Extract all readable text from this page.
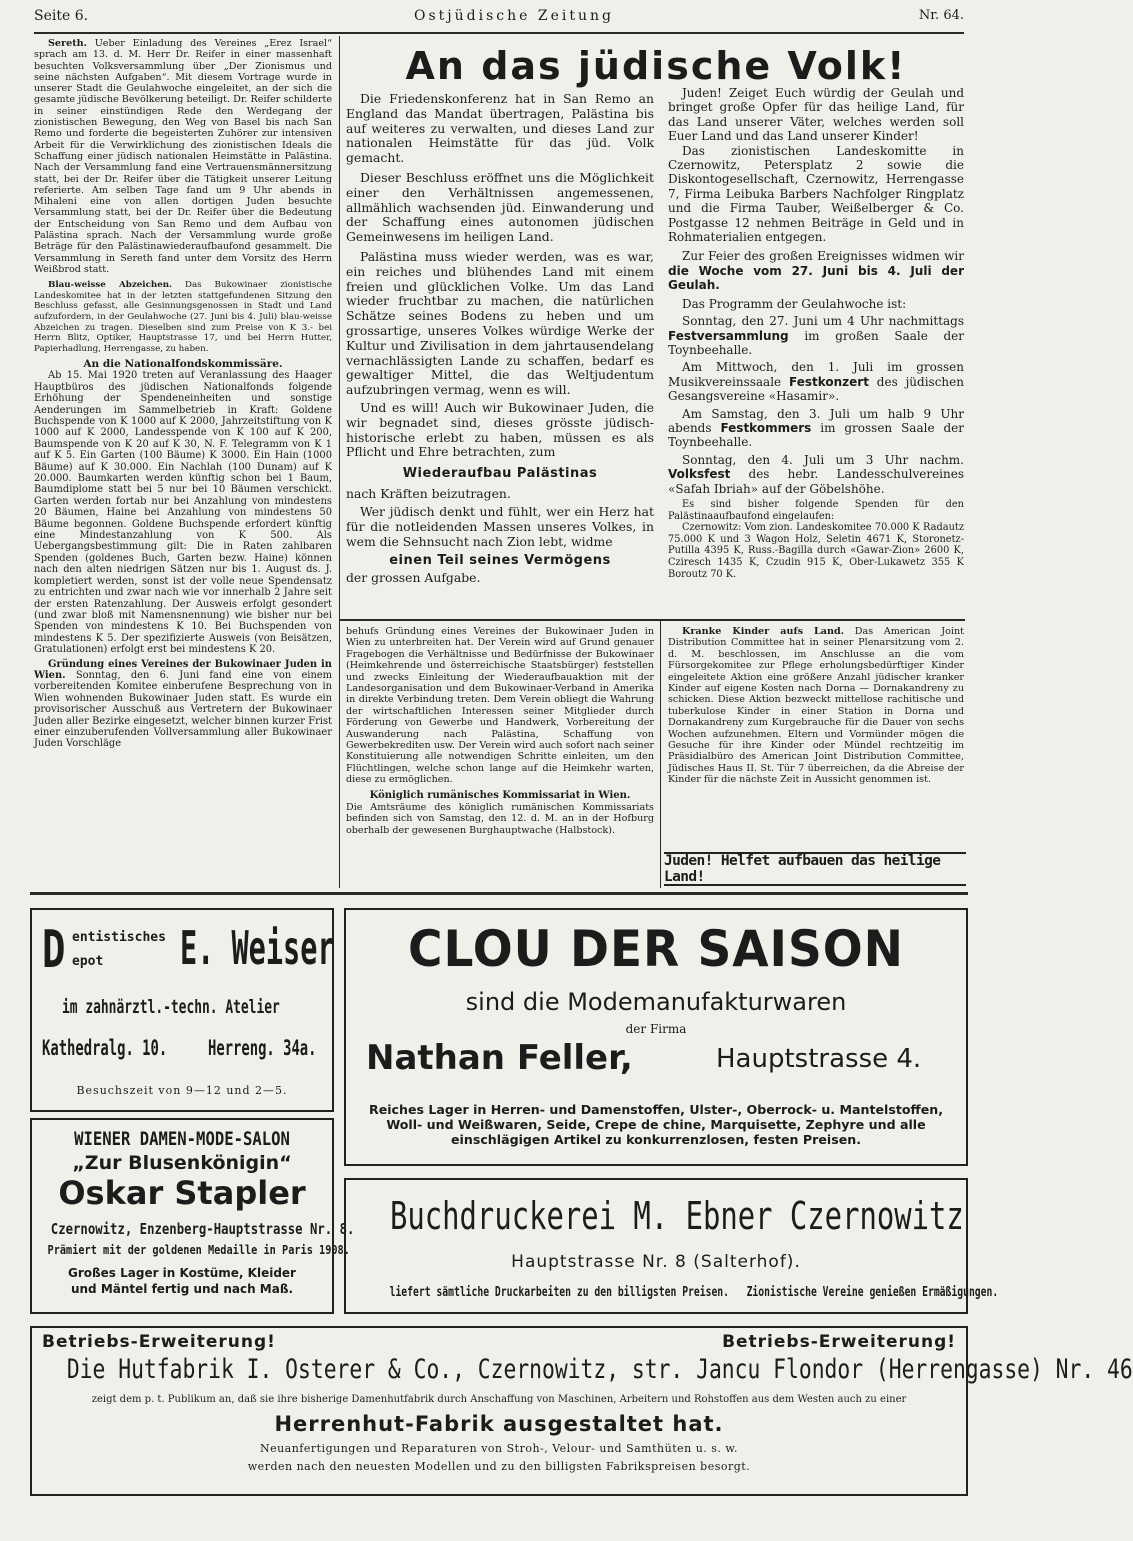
Seite 6.	Ostjüdische Zeitung	Nr. 64.

Sereth. Ueber Einladung des Vereines „Erez Israel“ sprach am 13. d. M. Herr Dr. Reifer in einer massenhaft besuchten Volksversammlung über „Der Zionismus und seine nächsten Aufgaben“. Mit diesem Vortrage wurde in unserer Stadt die Geulahwoche eingeleitet, an der sich die gesamte jüdische Bevölkerung beteiligt. Dr. Reifer schilderte in seiner einstündigen Rede den Werdegang der zionistischen Bewegung, den Weg von Basel bis nach San Remo und forderte die begeisterten Zuhörer zur intensiven Arbeit für die Verwirklichung des zionistischen Ideals die Schaffung einer jüdisch nationalen Heimstätte in Palästina. Nach der Versammlung fand eine Vertrauensmännersitzung statt, bei der Dr. Reifer über die Tätigkeit unserer Leitung referierte. Am selben Tage fand um 9 Uhr abends in Mihaleni eine von allen dortigen Juden besuchte Versammlung statt, bei der Dr. Reifer über die Bedeutung der Entscheidung von San Remo und dem Aufbau von Palästina sprach. Nach der Versammlung wurde große Beträge für den Palästinawiederaufbaufond gesammelt. Die Versammlung in Sereth fand unter dem Vorsitz des Herrn Weißbrod statt.

Blau-weisse Abzeichen. Das Bukowinaer zionistische Landeskomitee hat in der letzten stattgefundenen Sitzung den Beschluss gefasst, alle Gesinnungsgenossen in Stadt und Land aufzufordern, in der Geulahwoche (27. Juni bis 4. Juli) blau-weisse Abzeichen zu tragen. Dieselben sind zum Preise von K 3.- bei Herrn Blitz, Optiker, Hauptstrasse 17, und bei Herrn Hutter, Papierhadlung, Herrengasse, zu haben.

An die Nationalfondskommissäre.

Ab 15. Mai 1920 treten auf Veranlassung des Haager Hauptbüros des jüdischen Nationalfonds folgende Erhöhung der Spendeneinheiten und sonstige Aenderungen im Sammelbetrieb in Kraft: Goldene Buchspende von K 1000 auf K 2000, Jahrzeitstiftung von K 1000 auf K 2000, Landesspende von K 100 auf K 200, Baumspende von K 20 auf K 30, N. F. Telegramm von K 1 auf K 5. Ein Garten (100 Bäume) K 3000. Ein Hain (1000 Bäume) auf K 30.000. Ein Nachlah (100 Dunam) auf K 20.000. Baumkarten werden künftig schon bei 1 Baum, Baumdiplome statt bei 5 nur bei 10 Bäumen verschickt. Garten werden fortab nur bei Anzahlung von mindestens 20 Bäumen, Haine bei Anzahlung von mindestens 50 Bäume begonnen. Goldene Buchspende erfordert künftig eine Mindestanzahlung von K 500. Als Uebergangsbestimmung gilt: Die in Raten zahlbaren Spenden (goldenes Buch, Garten bezw. Haine) können nach den alten niedrigen Sätzen nur bis 1. August ds. J. kompletiert werden, sonst ist der volle neue Spendensatz zu entrichten und zwar nach wie vor innerhalb 2 Jahre seit der ersten Ratenzahlung. Der Ausweis erfolgt gesondert (und zwar bloß mit Namensnennung) wie bisher nur bei Spenden von mindestens K 10. Bei Buchspenden von mindestens K 5. Der spezifizierte Ausweis (von Beisätzen, Gratulationen) erfolgt erst bei mindestens K 20.

Gründung eines Vereines der Bukowinaer Juden in Wien. Sonntag, den 6. Juni fand eine von einem vorbereitenden Komitee einberufene Besprechung von in Wien wohnenden Bukowinaer Juden statt. Es wurde ein provisorischer Ausschuß aus Vertretern der Bukowinaer Juden aller Bezirke eingesetzt, welcher binnen kurzer Frist einer einzuberufenden Vollversammlung aller Bukowinaer Juden Vorschläge

An das jüdische Volk!

Die Friedenskonferenz hat in San Remo an England das Mandat übertragen, Palästina bis auf weiteres zu verwalten, und dieses Land zur nationalen Heimstätte für das jüd. Volk gemacht.

Dieser Beschluss eröffnet uns die Möglichkeit einer den Verhältnissen angemessenen, allmählich wachsenden jüd. Einwanderung und der Schaffung eines autonomen jüdischen Gemeinwesens im heiligen Land.

Palästina muss wieder werden, was es war, ein reiches und blühendes Land mit einem freien und glücklichen Volke. Um das Land wieder fruchtbar zu machen, die natürlichen Schätze seines Bodens zu heben und um grossartige, unseres Volkes würdige Werke der Kultur und Zivilisation in dem jahrtausendelang vernachlässigten Lande zu schaffen, bedarf es gewaltiger Mittel, die das Weltjudentum aufzubringen vermag, wenn es will.

Und es will! Auch wir Bukowinaer Juden, die wir begnadet sind, dieses grösste jüdisch-historische erlebt zu haben, müssen es als Pflicht und Ehre betrachten, zum

Wiederaufbau Palästinas

nach Kräften beizutragen.

Wer jüdisch denkt und fühlt, wer ein Herz hat für die notleidenden Massen unseres Volkes, in wem die Sehnsucht nach Zion lebt, widme

einen Teil seines Vermögens

der grossen Aufgabe.

Juden! Zeiget Euch würdig der Geulah und bringet große Opfer für das heilige Land, für das Land unserer Väter, welches werden soll Euer Land und das Land unserer Kinder!

Das zionistischen Landeskomitte in Czernowitz, Petersplatz 2 sowie die Diskontogesellschaft, Czernowitz, Herrengasse 7, Firma Leibuka Barbers Nachfolger Ringplatz und die Firma Tauber, Weißelberger & Co. Postgasse 12 nehmen Beiträge in Geld und in Rohmaterialien entgegen.

Zur Feier des großen Ereignisses widmen wir die Woche vom 27. Juni bis 4. Juli der Geulah.

Das Programm der Geulahwoche ist:

Sonntag, den 27. Juni um 4 Uhr nachmittags Festversammlung im großen Saale der Toynbeehalle.

Am Mittwoch, den 1. Juli im grossen Musikvereinssaale Festkonzert des jüdischen Gesangsvereine «Hasamir».

Am Samstag, den 3. Juli um halb 9 Uhr abends Festkommers im grossen Saale der Toynbeehalle.

Sonntag, den 4. Juli um 3 Uhr nachm. Volksfest des hebr. Landesschulvereines «Safah Ibriah» auf der Göbelshöhe.

Es sind bisher folgende Spenden für den Palästinaaufbaufond eingelaufen:

Czernowitz: Vom zion. Landeskomitee 70.000 K Radautz 75.000 K und 3 Wagon Holz, Seletin 4671 K, Storonetz-Putilla 4395 K, Russ.-Bagilla durch «Gawar-Zion» 2600 K, Cziresch 1435 K, Czudin 915 K, Ober-Lukawetz 355 K Boroutz 70 K.

behufs Gründung eines Vereines der Bukowinaer Juden in Wien zu unterbreiten hat. Der Verein wird auf Grund genauer Fragebogen die Verhältnisse und Bedürfnisse der Bukowinaer (Heimkehrende und österreichische Staatsbürger) feststellen und zwecks Einleitung der Wiederaufbauaktion mit der Landesorganisation und dem Bukowinaer-Verband in Amerika in direkte Verbindung treten. Dem Verein obliegt die Wahrung der wirtschaftlichen Interessen seiner Mitglieder durch Förderung von Gewerbe und Handwerk, Vorbereitung der Auswanderung nach Palästina, Schaffung von Gewerbekrediten usw. Der Verein wird auch sofort nach seiner Konstituierung alle notwendigen Schritte einleiten, um den Flüchtlingen, welche schon lange auf die Heimkehr warten, diese zu ermöglichen.

Königlich rumänisches Kommissariat in Wien.

Die Amtsräume des königlich rumänischen Kommissariats befinden sich von Samstag, den 12. d. M. an in der Hofburg oberhalb der gewesenen Burghauptwache (Halbstock).

Kranke Kinder aufs Land. Das American Joint Distribution Committee hat in seiner Plenarsitzung vom 2. d. M. beschlossen, im Anschlusse an die vom Fürsorgekomitee zur Pflege erholungsbedürftiger Kinder eingeleitete Aktion eine größere Anzahl jüdischer kranker Kinder auf eigene Kosten nach Dorna — Dornakandreny zu schicken. Diese Aktion bezweckt mittellose rachitische und tuberkulose Kinder in einer Station in Dorna und Dornakandreny zum Kurgebrauche für die Dauer von sechs Wochen aufzunehmen. Eltern und Vormünder mögen die Gesuche für ihre Kinder oder Mündel rechtzeitig im Präsidialbüro des American Joint Distribution Committee, Jüdisches Haus II. St. Tür 7 überreichen, da die Abreise der Kinder für die nächste Zeit in Aussicht genommen ist.

Juden! Helfet aufbauen das heilige Land!
D entistisches
epot E. Weiser
im zahnärztl.-techn. Atelier
Kathedralg. 10. Herreng. 34a.
Besuchszeit von 9—12 und 2—5.
WIENER DAMEN-MODE-SALON
„Zur Blusenkönigin“
Oskar Stapler
Czernowitz, Enzenberg-Hauptstrasse Nr. 8.
Prämiert mit der goldenen Medaille in Paris 1908.
Großes Lager in Kostüme, Kleider
und Mäntel fertig und nach Maß.
CLOU DER SAISON
sind die Modemanufakturwaren
der Firma
Nathan Feller,	Hauptstrasse 4.
Reiches Lager in Herren- und Damenstoffen, Ulster-, Oberrock- u. Mantelstoffen, Woll- und Weißwaren, Seide, Crepe de chine, Marquisette, Zephyre und alle einschlägigen Artikel zu konkurrenzlosen, festen Preisen.
Buchdruckerei M. Ebner Czernowitz
Hauptstrasse Nr. 8 (Salterhof).
liefert sämtliche Druckarbeiten zu den billigsten Preisen.   Zionistische Vereine genießen Ermäßigungen.
Betriebs-Erweiterung!	Betriebs-Erweiterung!
Die Hutfabrik I. Osterer & Co., Czernowitz, str. Jancu Flondor (Herrengasse) Nr. 46
zeigt dem p. t. Publikum an, daß sie ihre bisherige Damenhutfabrik durch Anschaffung von Maschinen, Arbeitern und Rohstoffen aus dem Westen auch zu einer
Herrenhut-Fabrik ausgestaltet hat.
Neuanfertigungen und Reparaturen von Stroh-, Velour- und Samthüten u. s. w.
werden nach den neuesten Modellen und zu den billigsten Fabrikspreisen besorgt.
